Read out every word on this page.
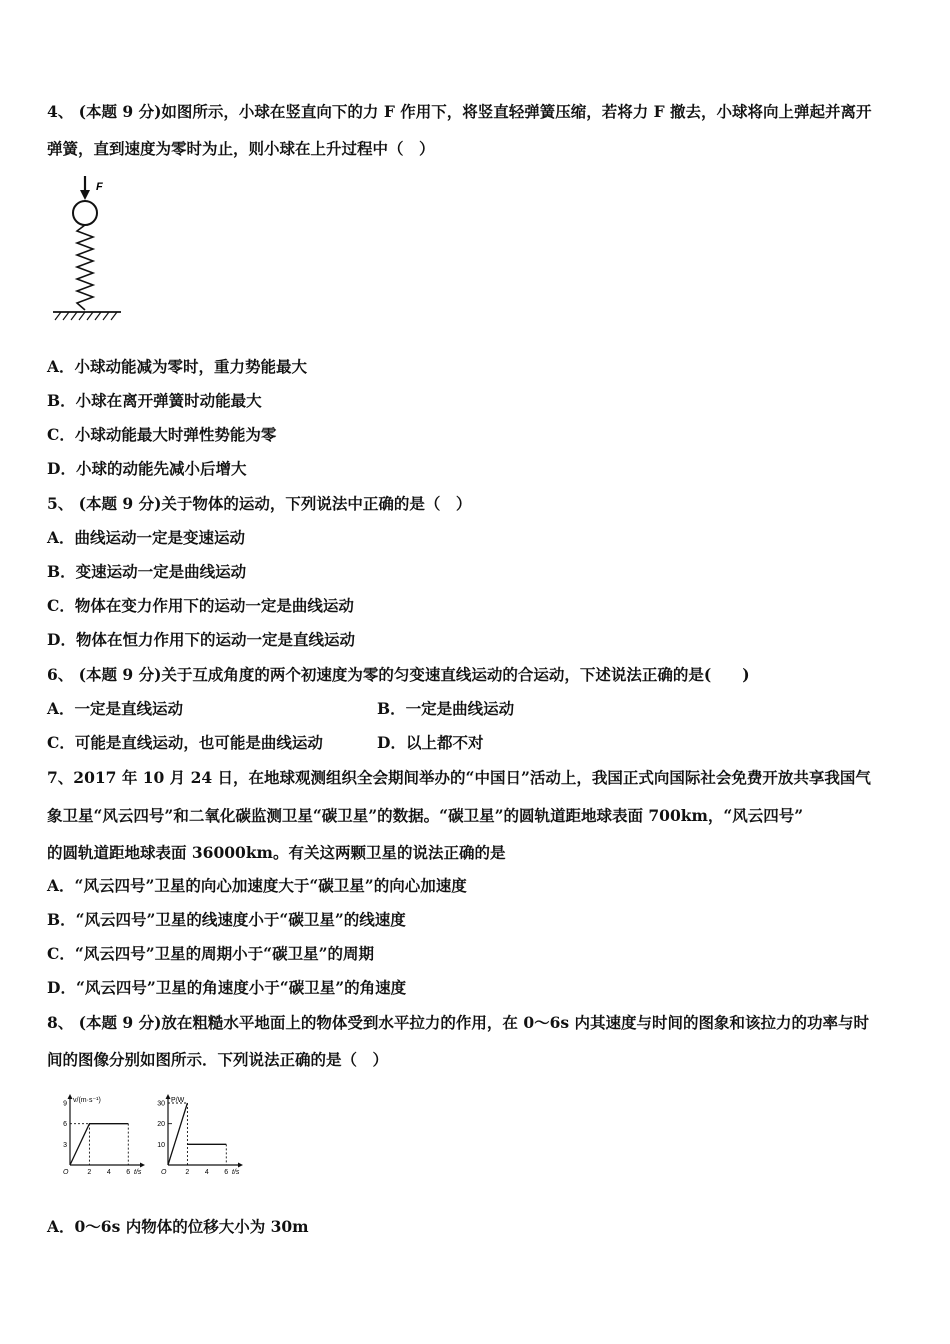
4、 (本题 9 分)如图所示，小球在竖直向下的力 F 作用下，将竖直轻弹簧压缩，若将力 F 撤去，小球将向上弹起并离开
弹簧，直到速度为零时为止，则小球在上升过程中（　）
F
A．小球动能减为零时，重力势能最大
B．小球在离开弹簧时动能最大
C．小球动能最大时弹性势能为零
D．小球的动能先减小后增大
5、 (本题 9 分)关于物体的运动，下列说法中正确的是（　）
A．曲线运动一定是变速运动
B．变速运动一定是曲线运动
C．物体在变力作用下的运动一定是曲线运动
D．物体在恒力作用下的运动一定是直线运动
6、 (本题 9 分)关于互成角度的两个初速度为零的匀变速直线运动的合运动，下述说法正确的是(　　)
A．一定是直线运动	B．一定是曲线运动
C．可能是直线运动，也可能是曲线运动	D．以上都不对
7、2017 年 10 月 24 日，在地球观测组织全会期间举办的“中国日”活动上，我国正式向国际社会免费开放共享我国气
象卫星“风云四号”和二氧化碳监测卫星“碳卫星”的数据。“碳卫星”的圆轨道距地球表面 700km，“风云四号”
的圆轨道距地球表面 36000km。有关这两颗卫星的说法正确的是
A．“风云四号”卫星的向心加速度大于“碳卫星”的向心加速度
B．“风云四号”卫星的线速度小于“碳卫星”的线速度
C．“风云四号”卫星的周期小于“碳卫星”的周期
D．“风云四号”卫星的角速度小于“碳卫星”的角速度
8、 (本题 9 分)放在粗糙水平地面上的物体受到水平拉力的作用，在 0～6s 内其速度与时间的图象和该拉力的功率与时
间的图像分别如图所示．下列说法正确的是（　）
v/(m·s⁻¹)
t/s
O	2 4 6
3
6
9	P/W
t/s
O	2 4 6
10
20
30
A．0～6s 内物体的位移大小为 30m
